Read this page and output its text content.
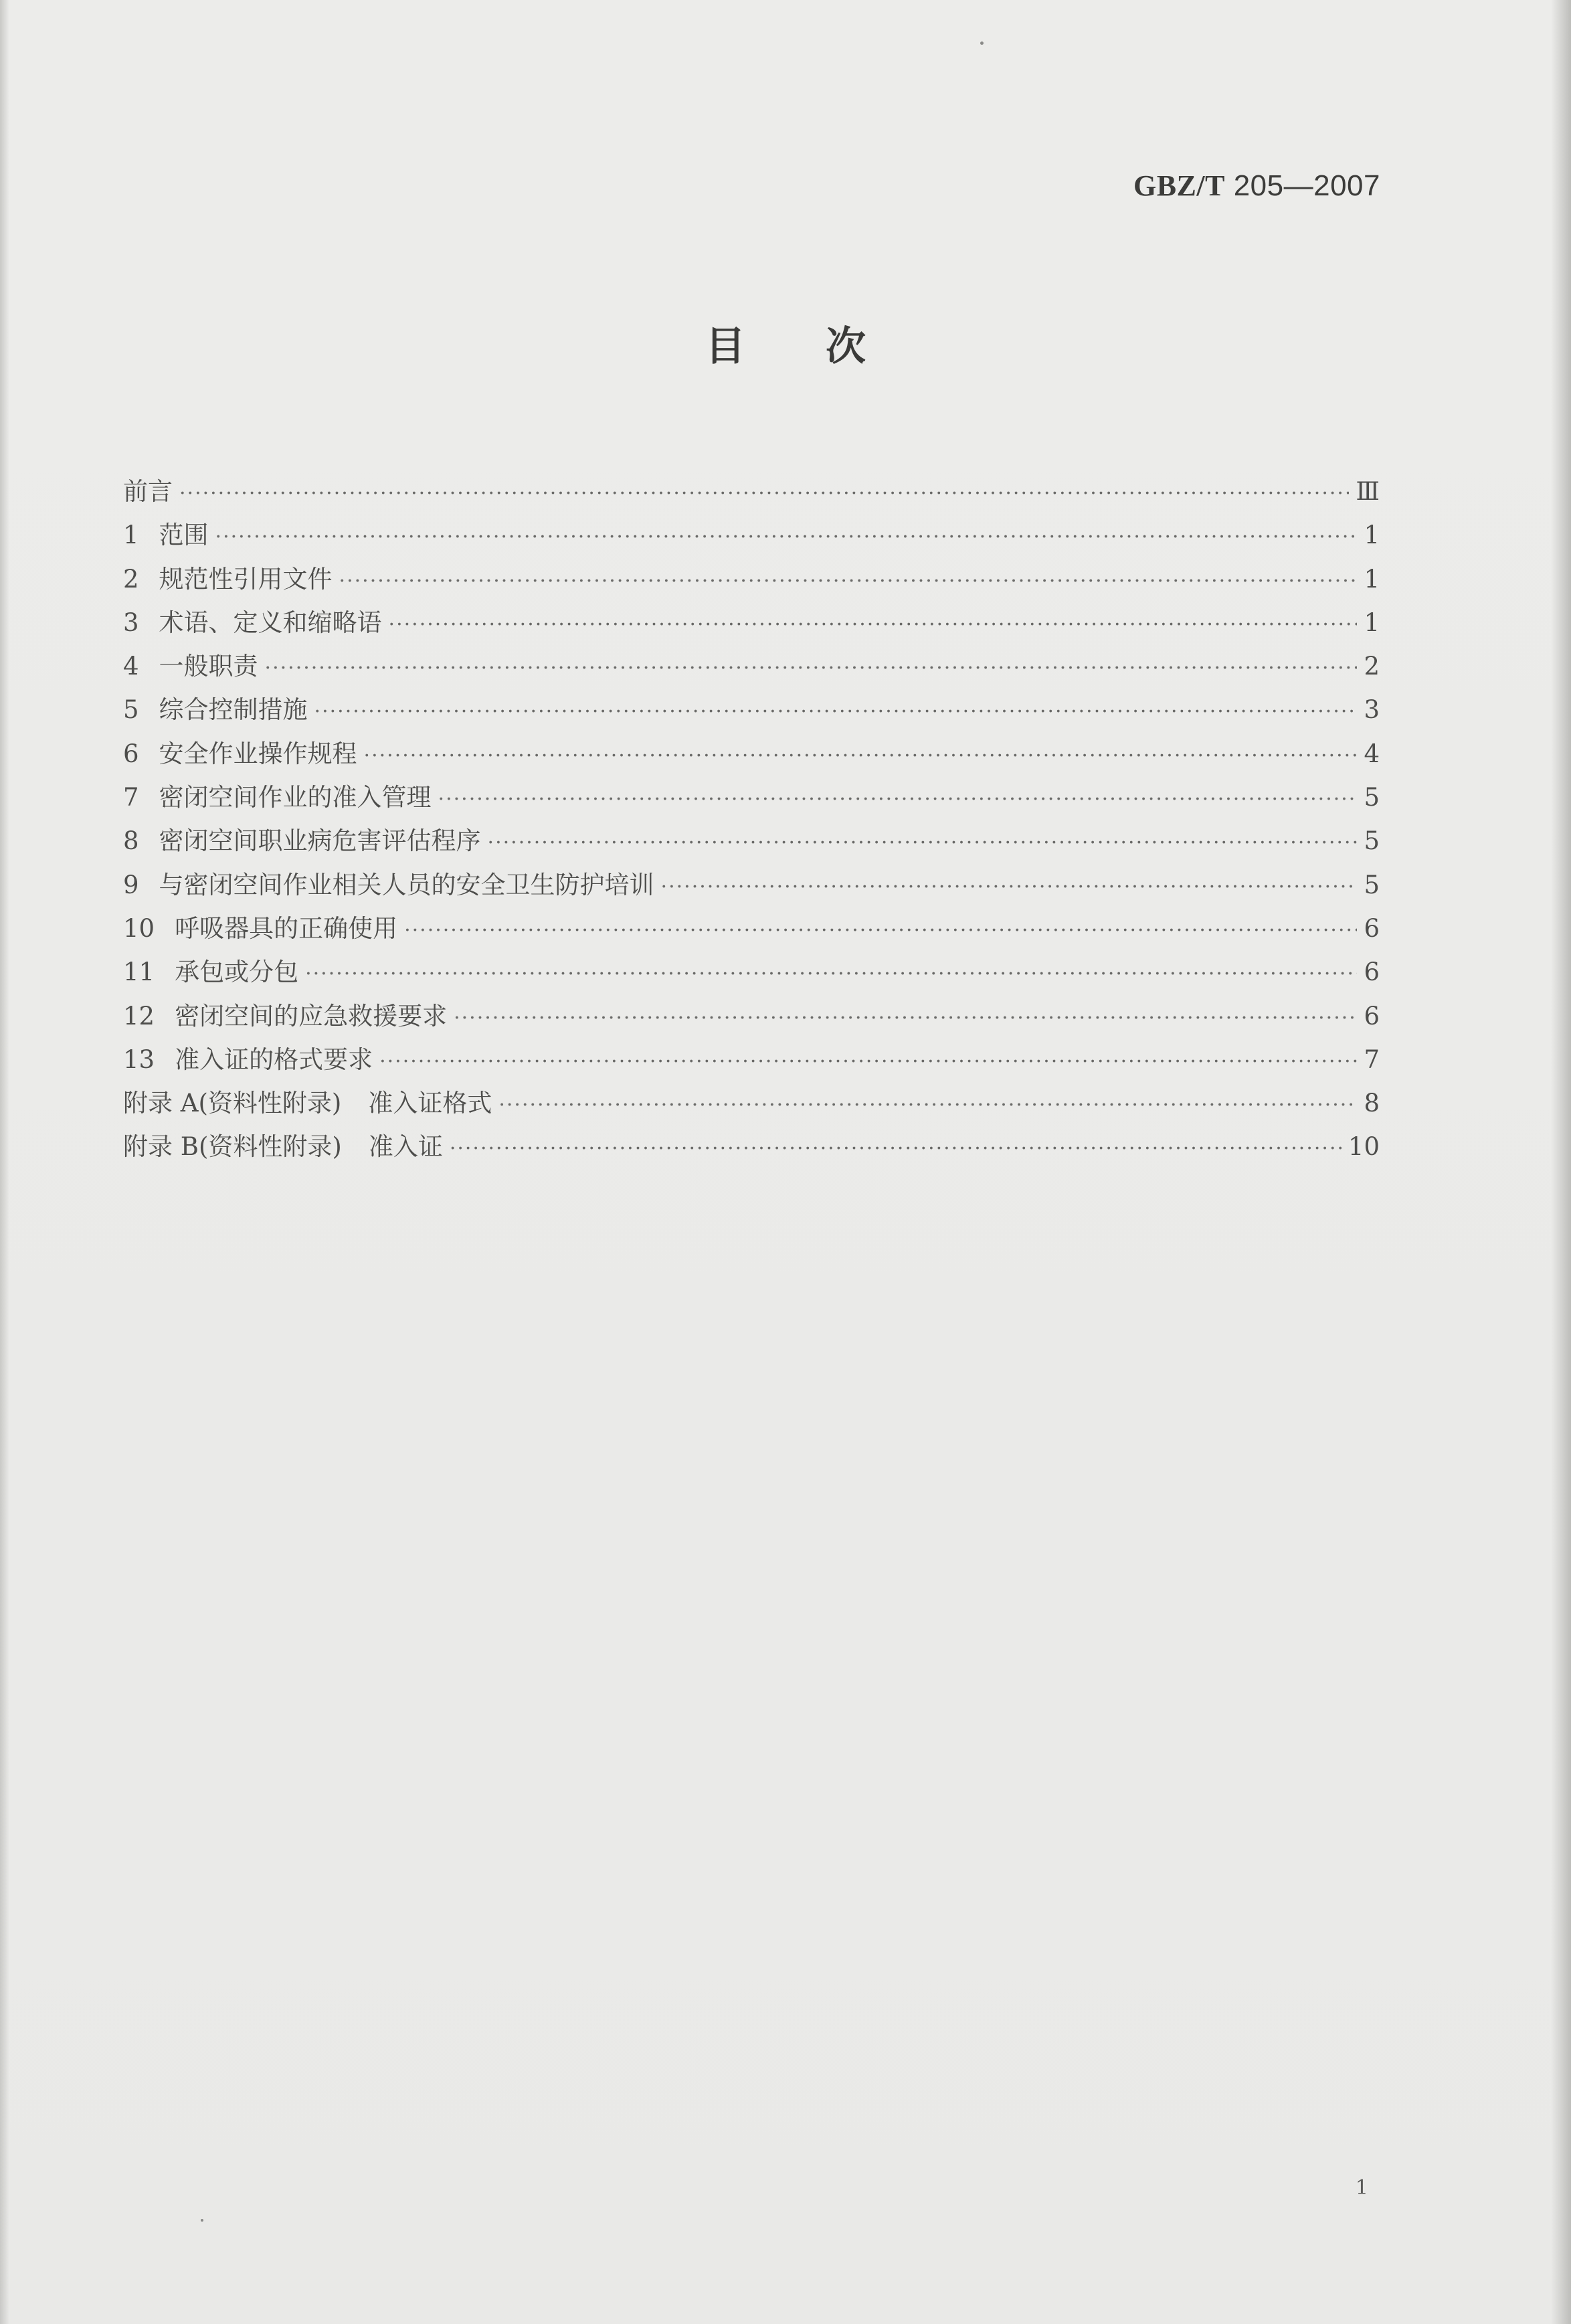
GBZ/T 205—2007
目次
前言 ·····	Ⅲ
1 范围 ·····	1
2 规范性引用文件 ·····	1
3 术语、定义和缩略语 ·····	1
4 一般职责 ·····	2
5 综合控制措施 ·····	3
6 安全作业操作规程 ·····	4
7 密闭空间作业的准入管理 ·····	5
8 密闭空间职业病危害评估程序 ·····	5
9 与密闭空间作业相关人员的安全卫生防护培训 ·····	5
10 呼吸器具的正确使用 ·····	6
11 承包或分包 ·····	6
12 密闭空间的应急救援要求 ·····	6
13 准入证的格式要求 ·····	7
附录 A(资料性附录) 准入证格式 ·····	8
附录 B(资料性附录) 准入证 ·····	10
1
